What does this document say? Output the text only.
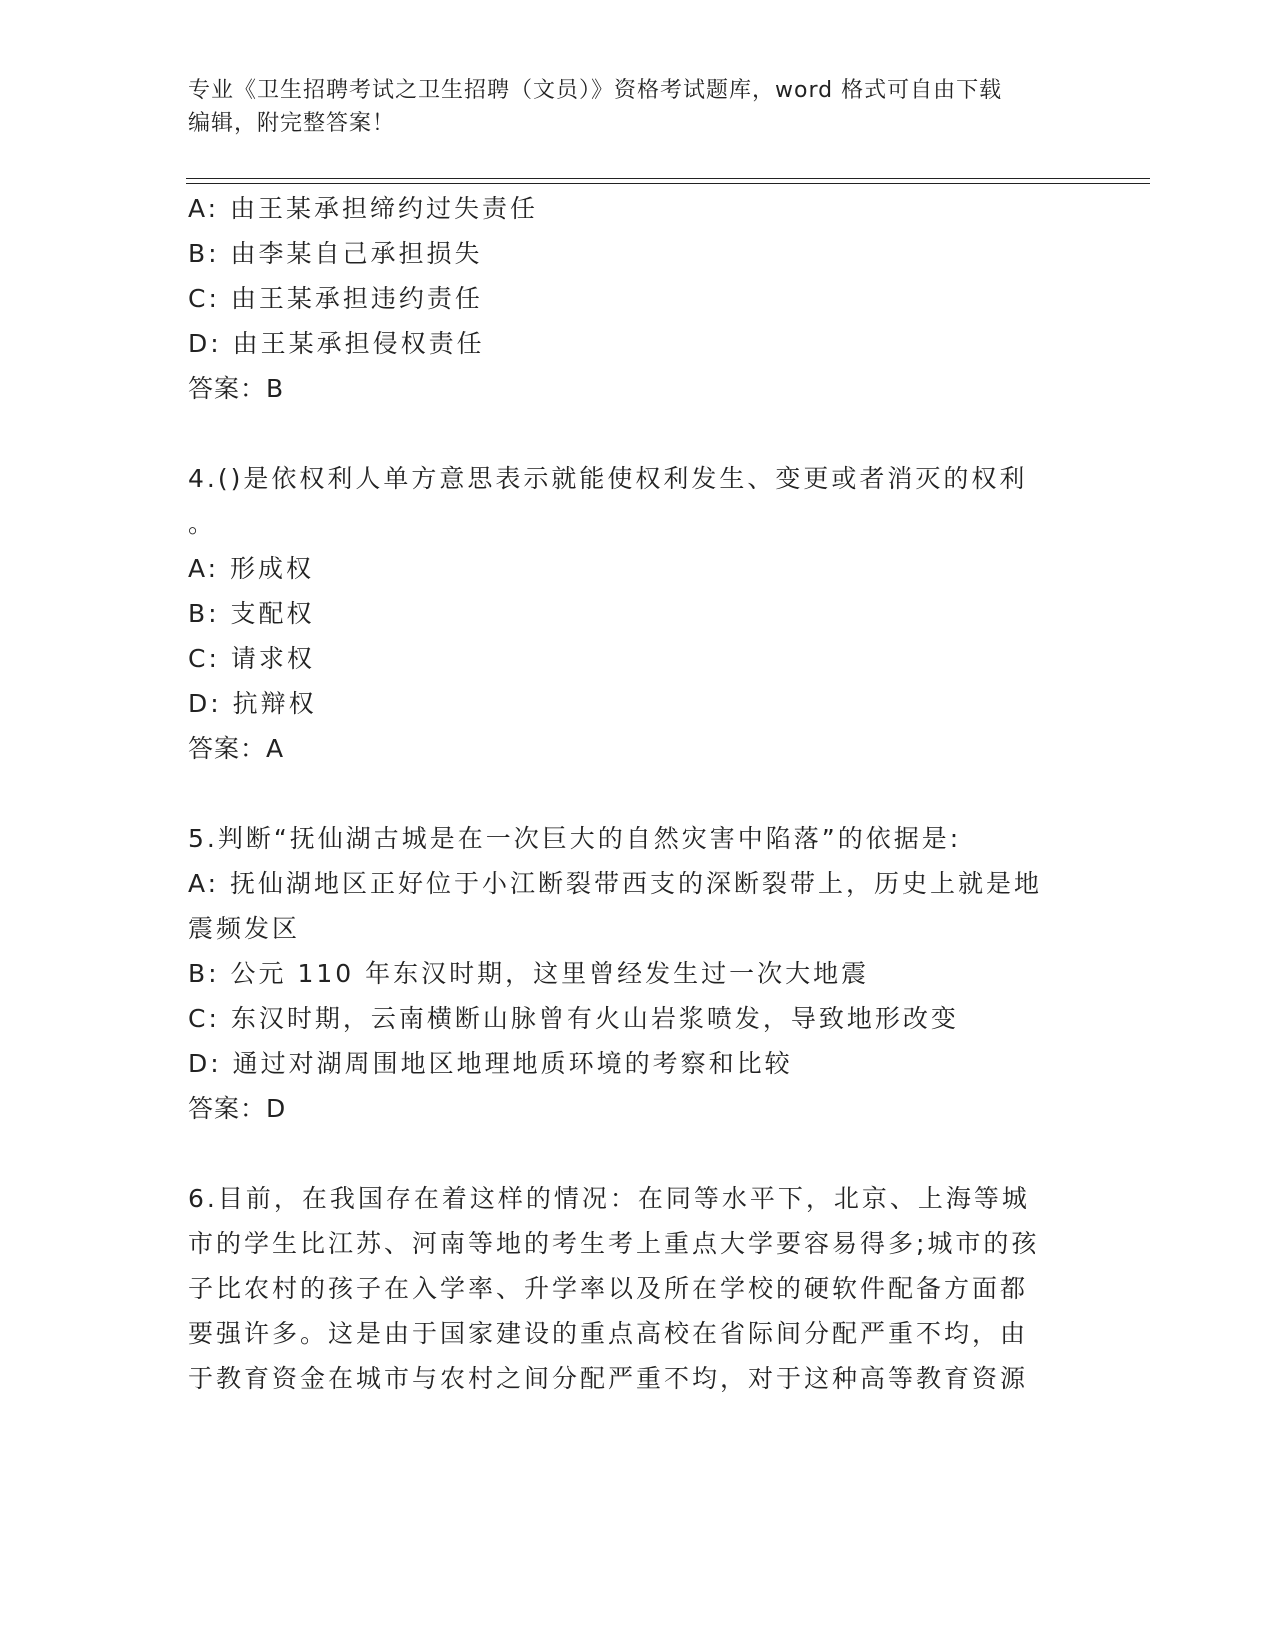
专业《卫生招聘考试之卫生招聘（文员）》资格考试题库，word 格式可自由下载
编辑，附完整答案！
A: 由王某承担缔约过失责任
B: 由李某自己承担损失
C: 由王某承担违约责任
D: 由王某承担侵权责任
答案：B
4.()是依权利人单方意思表示就能使权利发生、变更或者消灭的权利
。
A: 形成权
B: 支配权
C: 请求权
D: 抗辩权
答案：A
5.判断“抚仙湖古城是在一次巨大的自然灾害中陷落”的依据是:
A: 抚仙湖地区正好位于小江断裂带西支的深断裂带上，历史上就是地
震频发区
B: 公元 110 年东汉时期，这里曾经发生过一次大地震
C: 东汉时期，云南横断山脉曾有火山岩浆喷发，导致地形改变
D: 通过对湖周围地区地理地质环境的考察和比较
答案：D
6.目前，在我国存在着这样的情况：在同等水平下，北京、上海等城
市的学生比江苏、河南等地的考生考上重点大学要容易得多;城市的孩
子比农村的孩子在入学率、升学率以及所在学校的硬软件配备方面都
要强许多。这是由于国家建设的重点高校在省际间分配严重不均，由
于教育资金在城市与农村之间分配严重不均，对于这种高等教育资源
